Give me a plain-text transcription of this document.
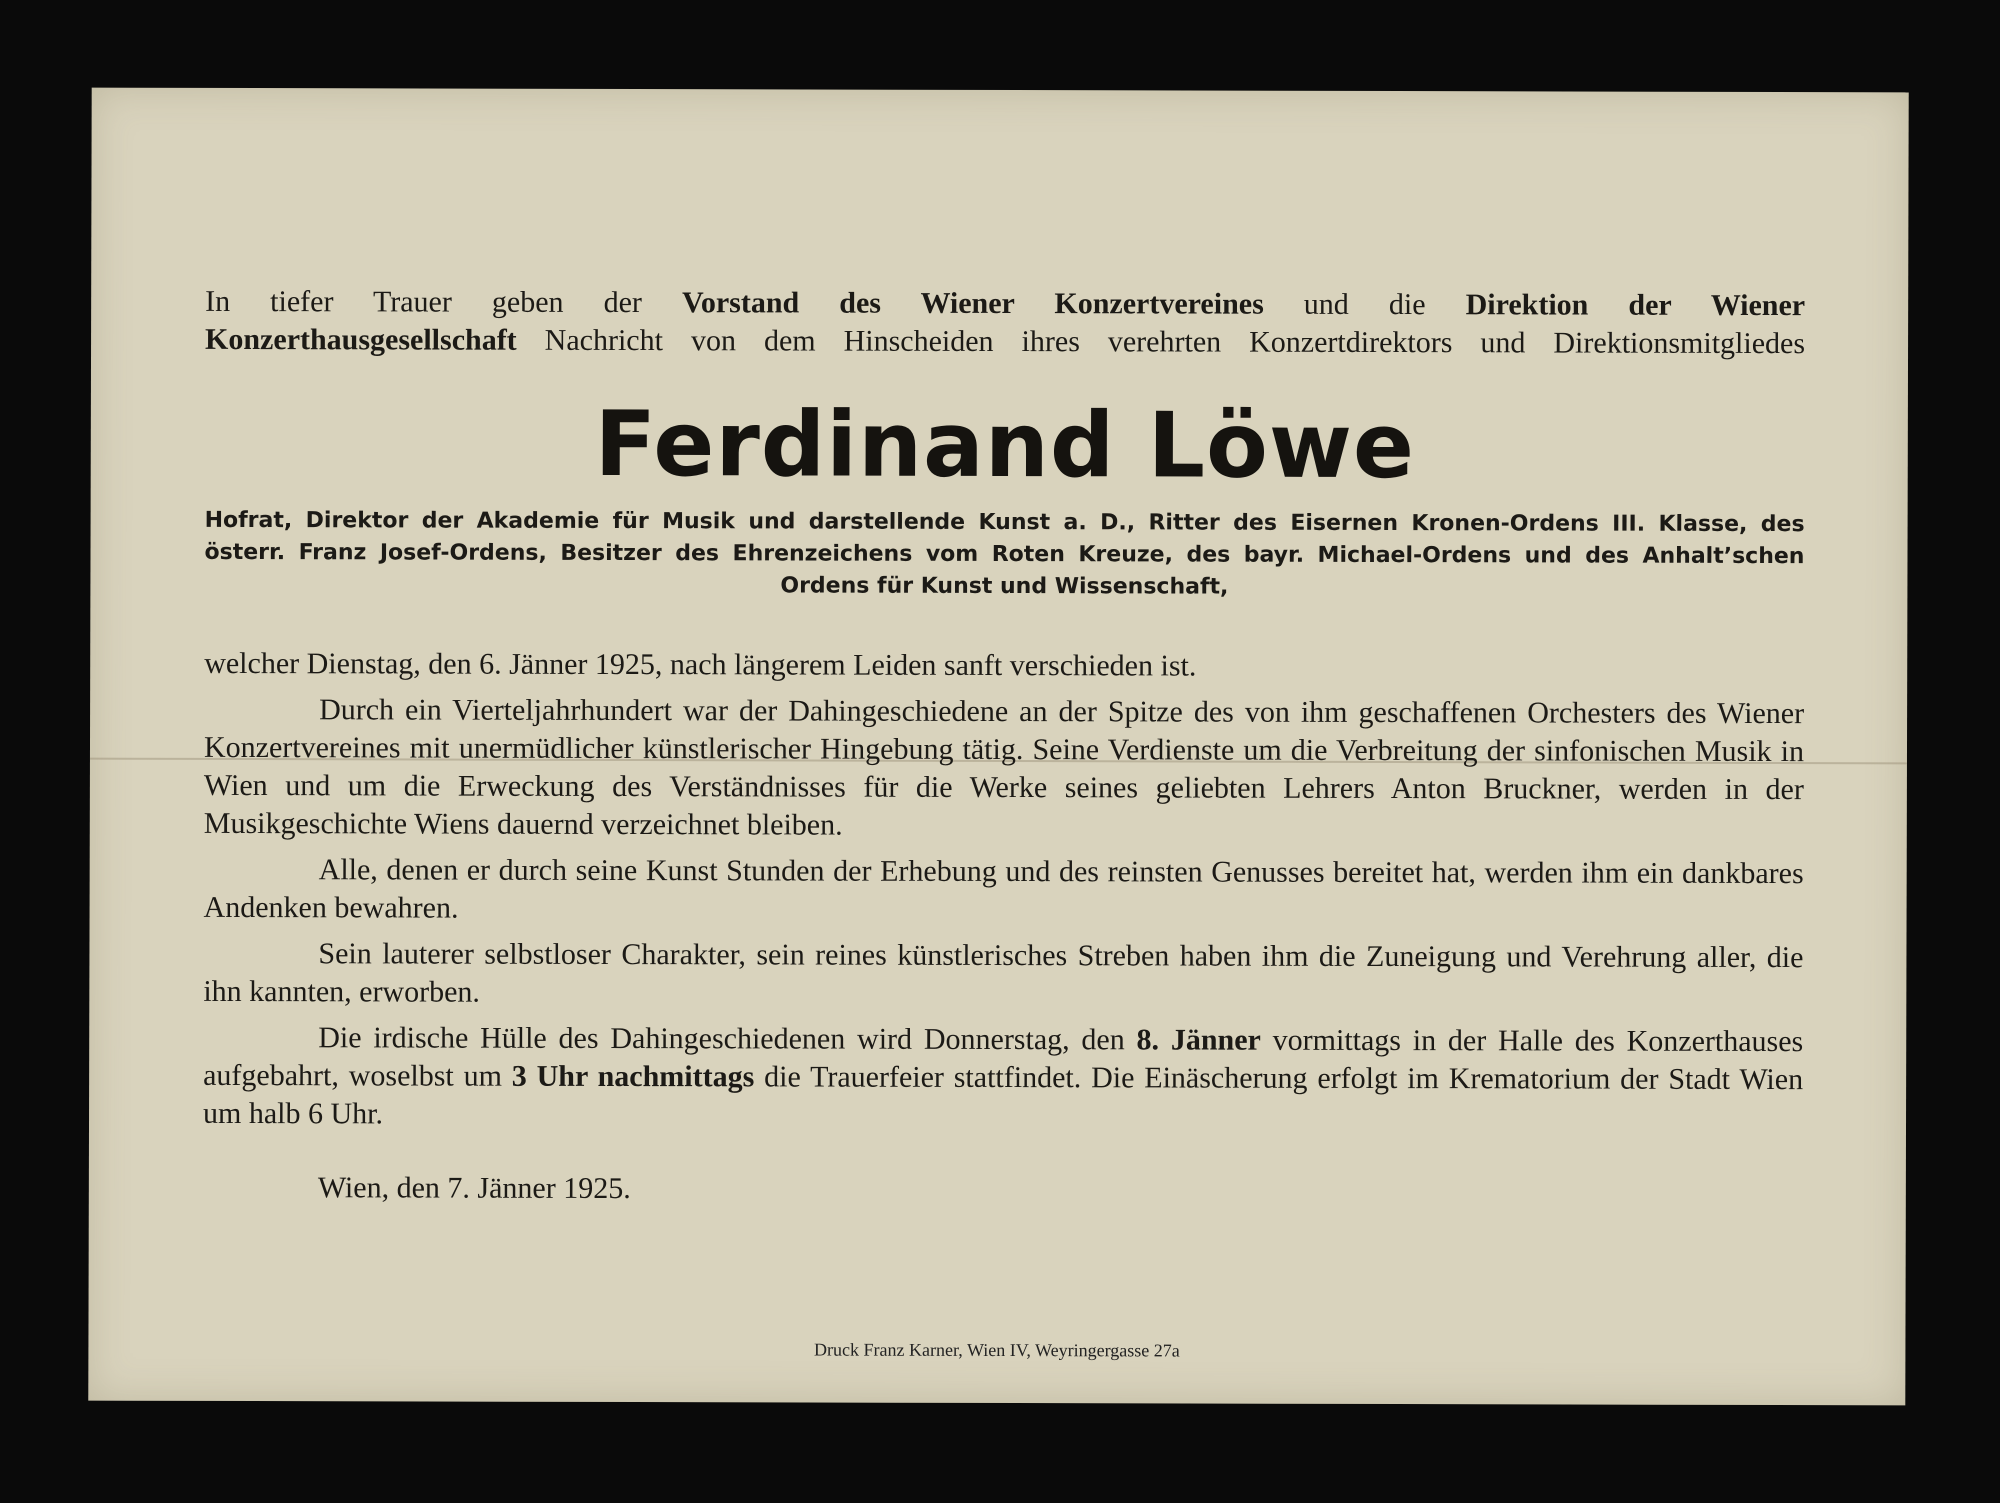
In tiefer Trauer geben der Vorstand des Wiener Konzertvereines und die Direktion der Wiener

Konzerthausgesellschaft Nachricht von dem Hinscheiden ihres verehrten Konzertdirektors und Direktionsmitgliedes

Ferdinand Löwe

Hofrat, Direktor der Akademie für Musik und darstellende Kunst a. D., Ritter des Eisernen Kronen-Ordens III. Klasse, des

österr. Franz Josef-Ordens, Besitzer des Ehrenzeichens vom Roten Kreuze, des bayr. Michael-Ordens und des Anhalt’schen

Ordens für Kunst und Wissenschaft,

welcher Dienstag, den 6. Jänner 1925, nach längerem Leiden sanft verschieden ist.

Durch ein Vierteljahrhundert war der Dahingeschiedene an der Spitze des von ihm geschaffenen Orchesters des Wiener Konzertvereines mit unermüdlicher künstlerischer Hingebung tätig. Seine Verdienste um die Verbreitung der sinfonischen Musik in Wien und um die Erweckung des Verständnisses für die Werke seines geliebten Lehrers Anton Bruckner, werden in der Musikgeschichte Wiens dauernd verzeichnet bleiben.

Alle, denen er durch seine Kunst Stunden der Erhebung und des reinsten Genusses bereitet hat, werden ihm ein dankbares Andenken bewahren.

Sein lauterer selbstloser Charakter, sein reines künstlerisches Streben haben ihm die Zuneigung und Verehrung aller, die ihn kannten, erworben.

Die irdische Hülle des Dahingeschiedenen wird Donnerstag, den 8. Jänner vormittags in der Halle des Konzerthauses aufgebahrt, woselbst um 3 Uhr nachmittags die Trauerfeier stattfindet. Die Einäscherung erfolgt im Krematorium der Stadt Wien um halb 6 Uhr.

Wien, den 7. Jänner 1925.

Druck Franz Karner, Wien IV, Weyringergasse 27a
